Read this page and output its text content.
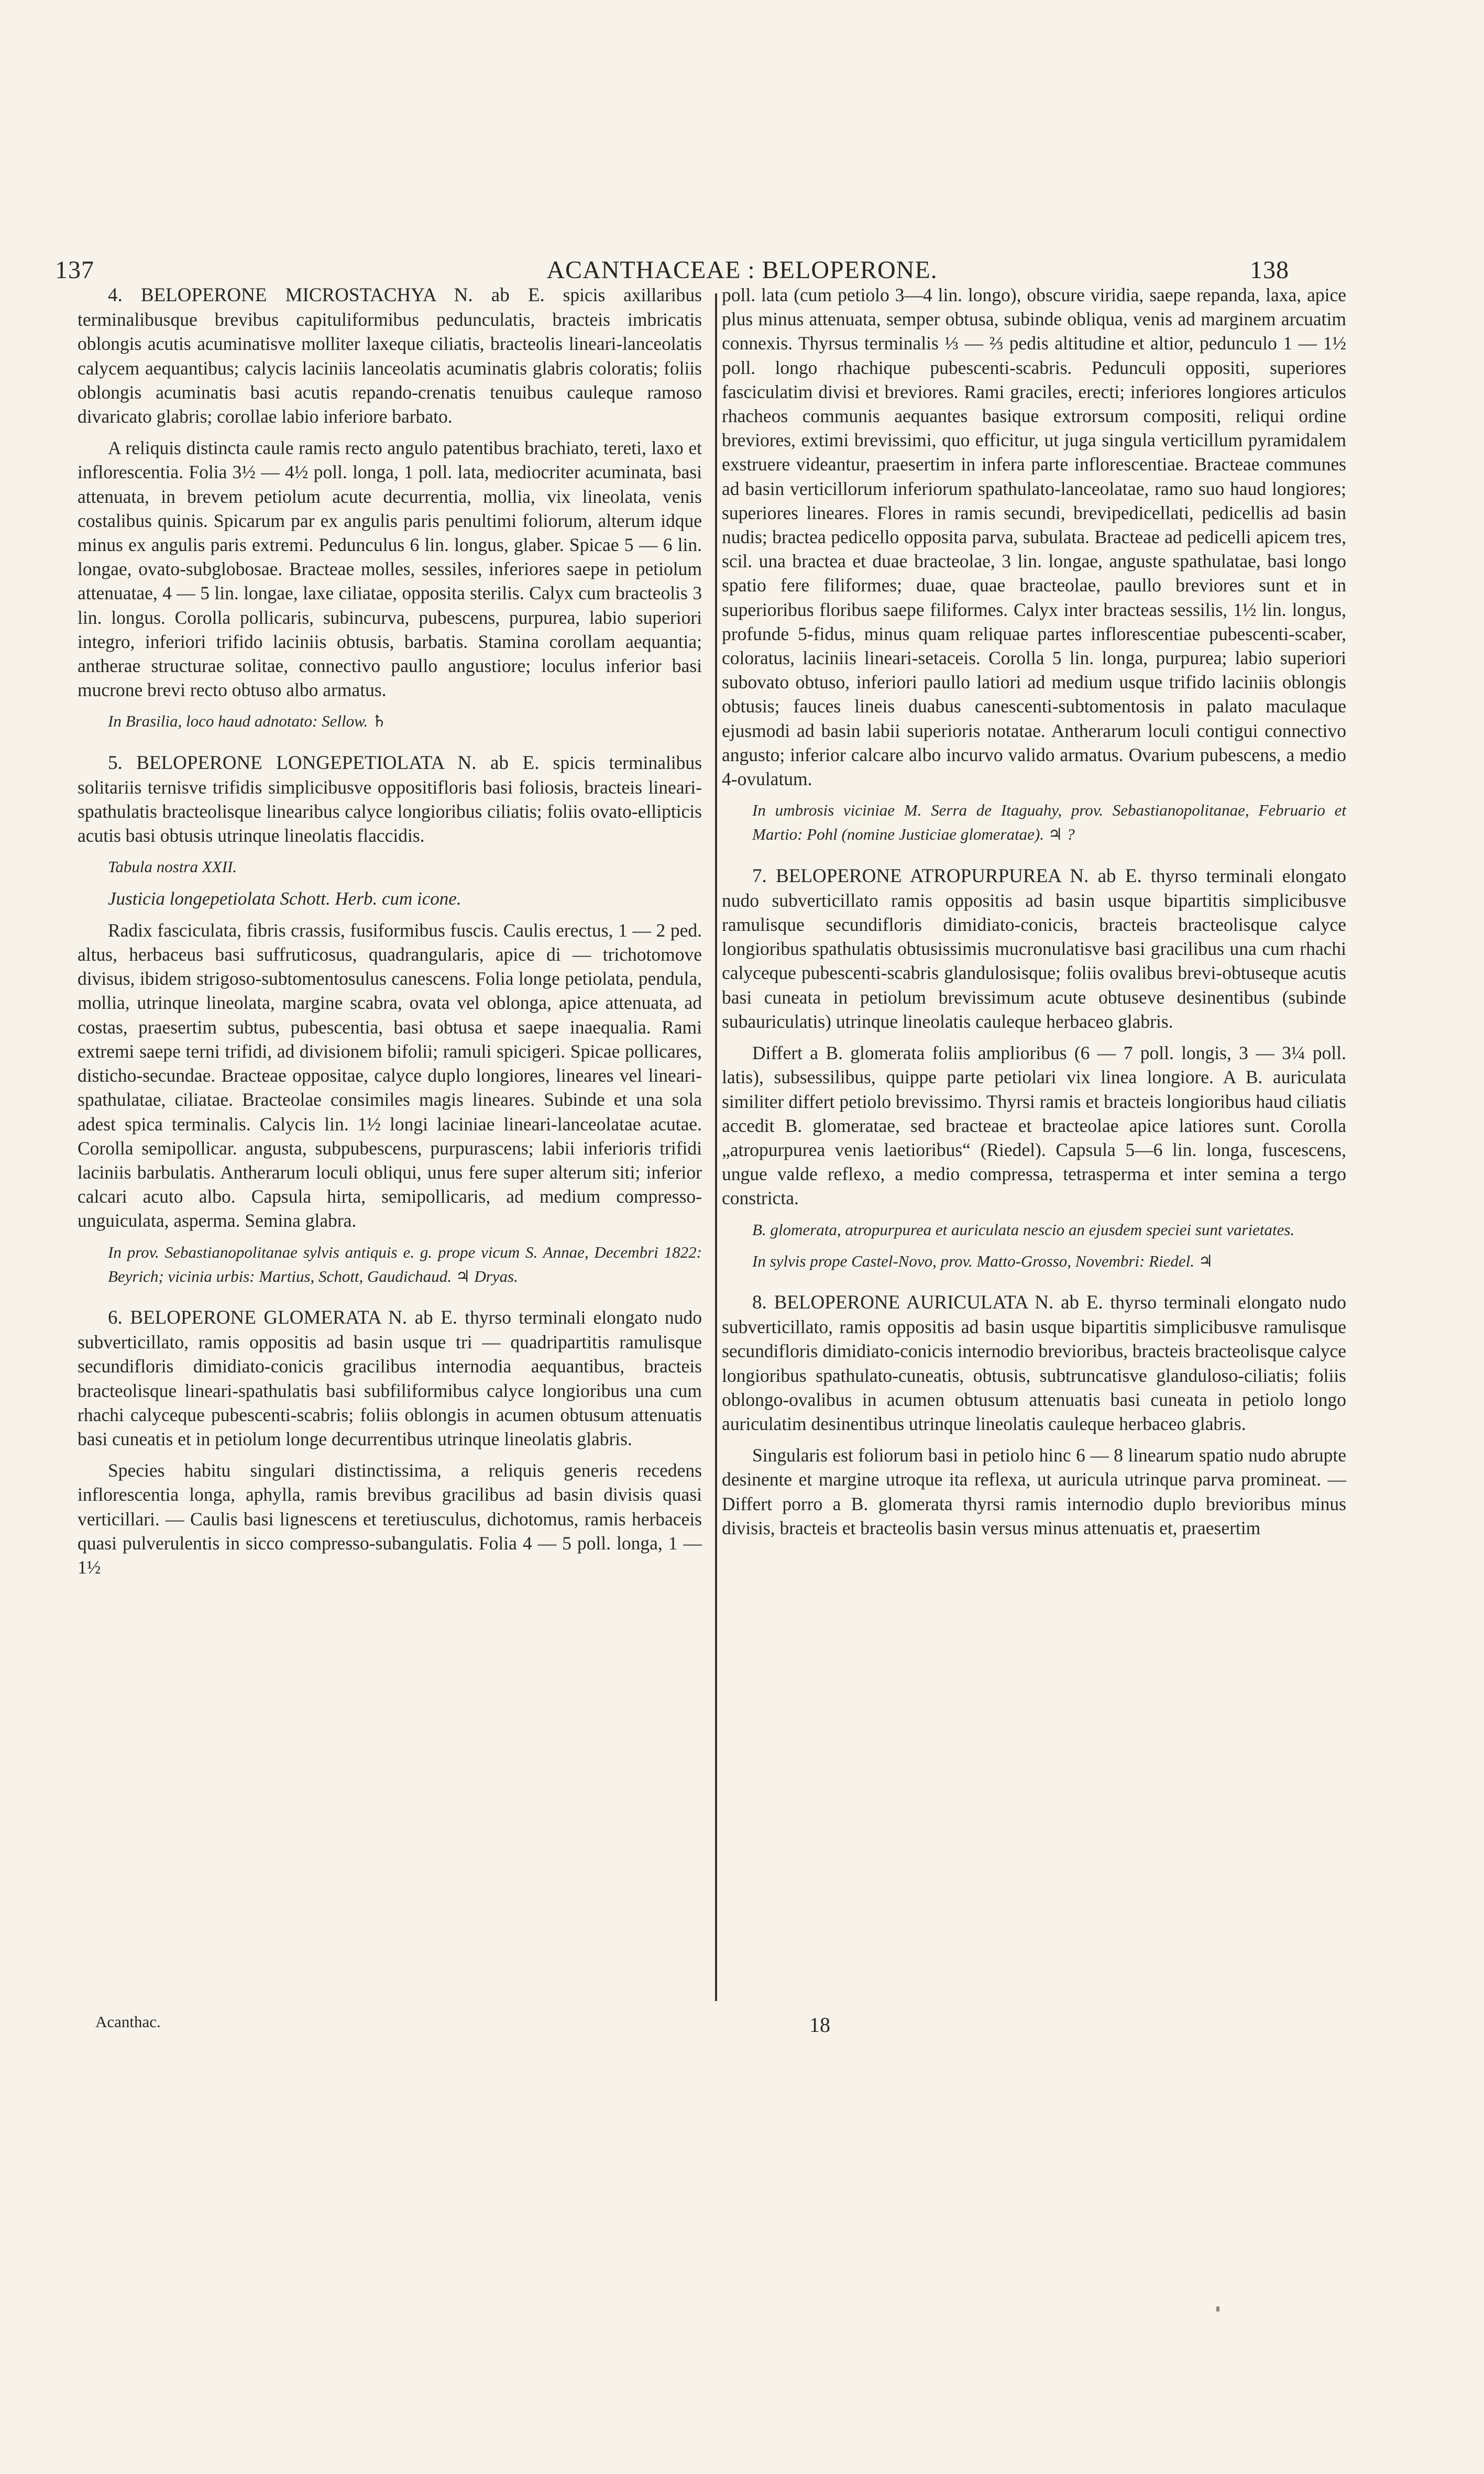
ACANTHACEAE : BELOPERONE.
137	138

4. BELOPERONE MICROSTACHYA N. ab E. spicis axillaribus terminalibusque brevibus capituliformibus pedunculatis, bracteis imbricatis oblongis acutis acuminatisve molliter laxeque ciliatis, bracteolis lineari-lanceolatis calycem aequantibus; calycis laciniis lanceolatis acuminatis glabris coloratis; foliis oblongis acuminatis basi acutis repando-crenatis tenuibus cauleque ramoso divaricato glabris; corollae labio inferiore barbato.

A reliquis distincta caule ramis recto angulo patentibus brachiato, tereti, laxo et inflorescentia. Folia 3½ — 4½ poll. longa, 1 poll. lata, mediocriter acuminata, basi attenuata, in brevem petiolum acute decurrentia, mollia, vix lineolata, venis costalibus quinis. Spicarum par ex angulis paris penultimi foliorum, alterum idque minus ex angulis paris extremi. Pedunculus 6 lin. longus, glaber. Spicae 5 — 6 lin. longae, ovato-subglobosae. Bracteae molles, sessiles, inferiores saepe in petiolum attenuatae, 4 — 5 lin. longae, laxe ciliatae, opposita sterilis. Calyx cum bracteolis 3 lin. longus. Corolla pollicaris, subincurva, pubescens, purpurea, labio superiori integro, inferiori trifido laciniis obtusis, barbatis. Stamina corollam aequantia; antherae structurae solitae, connectivo paullo angustiore; loculus inferior basi mucrone brevi recto obtuso albo armatus.

In Brasilia, loco haud adnotato: Sellow. ♄

5. BELOPERONE LONGEPETIOLATA N. ab E. spicis terminalibus solitariis ternisve trifidis simplicibusve oppositifloris basi foliosis, bracteis lineari-spathulatis bracteolisque linearibus calyce longioribus ciliatis; foliis ovato-ellipticis acutis basi obtusis utrinque lineolatis flaccidis.

Tabula nostra XXII.

Justicia longepetiolata Schott. Herb. cum icone.

Radix fasciculata, fibris crassis, fusiformibus fuscis. Caulis erectus, 1 — 2 ped. altus, herbaceus basi suffruticosus, quadrangularis, apice di — trichotomove divisus, ibidem strigoso-subtomentosulus canescens. Folia longe petiolata, pendula, mollia, utrinque lineolata, margine scabra, ovata vel oblonga, apice attenuata, ad costas, praesertim subtus, pubescentia, basi obtusa et saepe inaequalia. Rami extremi saepe terni trifidi, ad divisionem bifolii; ramuli spicigeri. Spicae pollicares, disticho-secundae. Bracteae oppositae, calyce duplo longiores, lineares vel lineari-spathulatae, ciliatae. Bracteolae consimiles magis lineares. Subinde et una sola adest spica terminalis. Calycis lin. 1½ longi laciniae lineari-lanceolatae acutae. Corolla semipollicar. angusta, subpubescens, purpurascens; labii inferioris trifidi laciniis barbulatis. Antherarum loculi obliqui, unus fere super alterum siti; inferior calcari acuto albo. Capsula hirta, semipollicaris, ad medium compresso-unguiculata, asperma. Semina glabra.

In prov. Sebastianopolitanae sylvis antiquis e. g. prope vicum S. Annae, Decembri 1822: Beyrich; vicinia urbis: Martius, Schott, Gaudichaud. ♃ Dryas.

6. BELOPERONE GLOMERATA N. ab E. thyrso terminali elongato nudo subverticillato, ramis oppositis ad basin usque tri — quadripartitis ramulisque secundifloris dimidiato-conicis gracilibus internodia aequantibus, bracteis bracteolisque lineari-spathulatis basi subfiliformibus calyce longioribus una cum rhachi calyceque pubescenti-scabris; foliis oblongis in acumen obtusum attenuatis basi cuneatis et in petiolum longe decurrentibus utrinque lineolatis glabris.

Species habitu singulari distinctissima, a reliquis generis recedens inflorescentia longa, aphylla, ramis brevibus gracilibus ad basin divisis quasi verticillari. — Caulis basi lignescens et teretiusculus, dichotomus, ramis herbaceis quasi pulverulentis in sicco compresso-subangulatis. Folia 4 — 5 poll. longa, 1 — 1½

poll. lata (cum petiolo 3—4 lin. longo), obscure viridia, saepe repanda, laxa, apice plus minus attenuata, semper obtusa, subinde obliqua, venis ad marginem arcuatim connexis. Thyrsus terminalis ⅓ — ⅔ pedis altitudine et altior, pedunculo 1 — 1½ poll. longo rhachique pubescenti-scabris. Pedunculi oppositi, superiores fasciculatim divisi et breviores. Rami graciles, erecti; inferiores longiores articulos rhacheos communis aequantes basique extrorsum compositi, reliqui ordine breviores, extimi brevissimi, quo efficitur, ut juga singula verticillum pyramidalem exstruere videantur, praesertim in infera parte inflorescentiae. Bracteae communes ad basin verticillorum inferiorum spathulato-lanceolatae, ramo suo haud longiores; superiores lineares. Flores in ramis secundi, brevipedicellati, pedicellis ad basin nudis; bractea pedicello opposita parva, subulata. Bracteae ad pedicelli apicem tres, scil. una bractea et duae bracteolae, 3 lin. longae, anguste spathulatae, basi longo spatio fere filiformes; duae, quae bracteolae, paullo breviores sunt et in superioribus floribus saepe filiformes. Calyx inter bracteas sessilis, 1½ lin. longus, profunde 5-fidus, minus quam reliquae partes inflorescentiae pubescenti-scaber, coloratus, laciniis lineari-setaceis. Corolla 5 lin. longa, purpurea; labio superiori subovato obtuso, inferiori paullo latiori ad medium usque trifido laciniis oblongis obtusis; fauces lineis duabus canescenti-subtomentosis in palato maculaque ejusmodi ad basin labii superioris notatae. Antherarum loculi contigui connectivo angusto; inferior calcare albo incurvo valido armatus. Ovarium pubescens, a medio 4-ovulatum.

In umbrosis viciniae M. Serra de Itaguahy, prov. Sebastianopolitanae, Februario et Martio: Pohl (nomine Justiciae glomeratae). ♃ ?

7. BELOPERONE ATROPURPUREA N. ab E. thyrso terminali elongato nudo subverticillato ramis oppositis ad basin usque bipartitis simplicibusve ramulisque secundifloris dimidiato-conicis, bracteis bracteolisque calyce longioribus spathulatis obtusissimis mucronulatisve basi gracilibus una cum rhachi calyceque pubescenti-scabris glandulosisque; foliis ovalibus brevi-obtuseque acutis basi cuneata in petiolum brevissimum acute obtuseve desinentibus (subinde subauriculatis) utrinque lineolatis cauleque herbaceo glabris.

Differt a B. glomerata foliis amplioribus (6 — 7 poll. longis, 3 — 3¼ poll. latis), subsessilibus, quippe parte petiolari vix linea longiore. A B. auriculata similiter differt petiolo brevissimo. Thyrsi ramis et bracteis longioribus haud ciliatis accedit B. glomeratae, sed bracteae et bracteolae apice latiores sunt. Corolla „atropurpurea venis laetioribus“ (Riedel). Capsula 5—6 lin. longa, fuscescens, ungue valde reflexo, a medio compressa, tetrasperma et inter semina a tergo constricta.

B. glomerata, atropurpurea et auriculata nescio an ejusdem speciei sunt varietates.

In sylvis prope Castel-Novo, prov. Matto-Grosso, Novembri: Riedel. ♃

8. BELOPERONE AURICULATA N. ab E. thyrso terminali elongato nudo subverticillato, ramis oppositis ad basin usque bipartitis simplicibusve ramulisque secundifloris dimidiato-conicis internodio brevioribus, bracteis bracteolisque calyce longioribus spathulato-cuneatis, obtusis, subtruncatisve glanduloso-ciliatis; foliis oblongo-ovalibus in acumen obtusum attenuatis basi cuneata in petiolo longo auriculatim desinentibus utrinque lineolatis cauleque herbaceo glabris.

Singularis est foliorum basi in petiolo hinc 6 — 8 linearum spatio nudo abrupte desinente et margine utroque ita reflexa, ut auricula utrinque parva promineat. — Differt porro a B. glomerata thyrsi ramis internodio duplo brevioribus minus divisis, bracteis et bracteolis basin versus minus attenuatis et, praesertim

Acanthac.	18
